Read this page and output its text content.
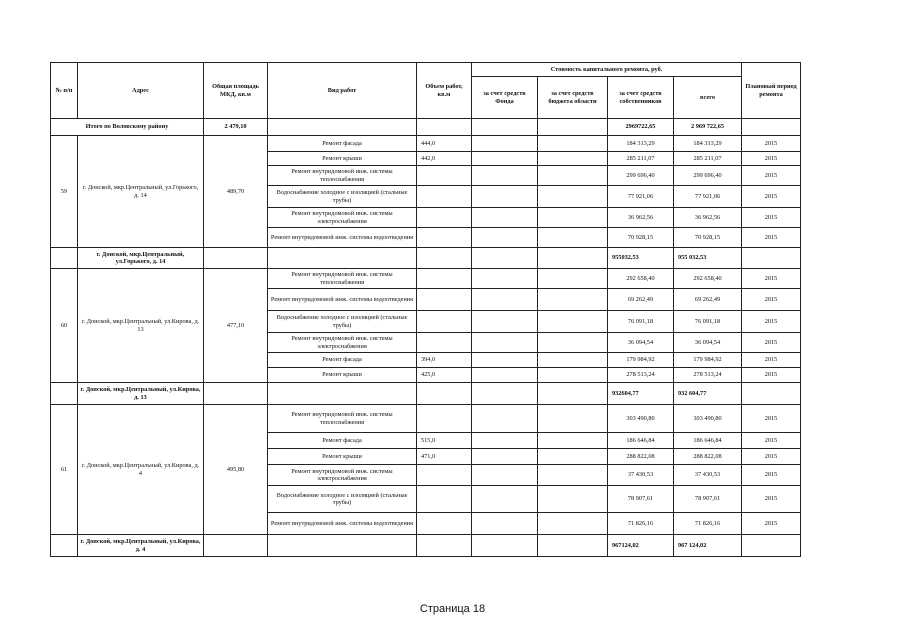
№ п/п	Адрес	Общая площадь МКД, кв.м	Вид работ	Объем работ, кв.м	Стоимость капитального ремонта, руб.				Плановый период ремонта
					за счет средств Фонда	за счет средств бюджета области	за счет средств собственников	всего	
Итого по Воловскому району		2 479,10					2969722,65	2 969 722,65	
59	г. Донской, мкр.Центральный, ул.Горького, д. 14	489,70	Ремонт фасада	444,0			184 313,29	184 313,29	2015
			Ремонт крыши	442,0			285 211,07	285 211,07	2015
			Ремонт внутридомовой инж. системы теплоснабжения				299 696,40	299 696,40	2015
			Водоснабжение холодное с изоляцией (стальные трубы)				77 921,06	77 921,06	2015
			Ремонт внутридомовой инж. системы электроснабжения				36 962,56	36 962,56	2015
			Ремонт внутридомовой инж. системы водоотведения				70 928,15	70 928,15	2015
	г. Донской, мкр.Центральный, ул.Горького, д. 14						955032,53	955 032,53	
60	г. Донской, мкр.Центральный, ул.Кирова, д. 13	477,10	Ремонт внутридомовой инж. системы теплоснабжения				292 658,40	292 658,40	2015
			Ремонт внутридомовой инж. системы водоотведения				69 262,49	69 262,49	2015
			Водоснабжение холодное с изоляцией (стальные трубы)				76 091,18	76 091,18	2015
			Ремонт внутридомовой инж. системы электроснабжения				36 094,54	36 094,54	2015
			Ремонт фасада	394,0			179 984,92	179 984,92	2015
			Ремонт крыши	425,0			278 513,24	278 513,24	2015
	г. Донской, мкр.Центральный, ул.Кирова, д. 13						932604,77	932 604,77	
61	г. Донской, мкр.Центральный, ул.Кирова, д. 4	495,80	Ремонт внутридомовой инж. системы теплоснабжения				303 490,80	303 490,80	2015
			Ремонт фасада	515,0			186 646,84	186 646,84	2015
			Ремонт крыши	471,0			288 822,08	288 822,08	2015
			Ремонт внутридомовой инж. системы электроснабжения				37 430,53	37 430,53	2015
			Водоснабжение холодное с изоляцией (стальные трубы)				78 907,61	78 907,61	2015
			Ремонт внутридомовой инж. системы водоотведения				71 826,16	71 826,16	2015
	г. Донской, мкр.Центральный, ул.Кирова, д. 4						967124,02	967 124,02	
Страница 18
